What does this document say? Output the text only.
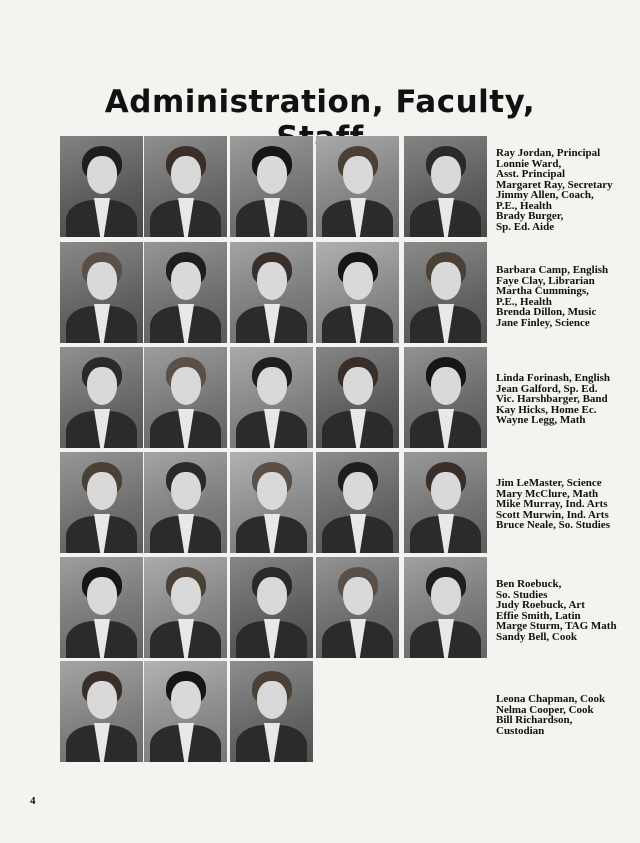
Administration, Faculty,
Ray Jordan, Principal
Lonnie Ward,
Asst. Principal
Margaret Ray, Secretary
Jimmy Allen, Coach,
P.E., Health
Brady Burger,
Sp. Ed. Aide
Barbara Camp, English
Faye Clay, Librarian
Martha Cummings,
P.E., Health
Brenda Dillon, Music
Jane Finley, Science
Linda Forinash, English
Jean Galford, Sp. Ed.
Vic. Harshbarger, Band
Kay Hicks, Home Ec.
Wayne Legg, Math
Jim LeMaster, Science
Mary McClure, Math
Mike Murray, Ind. Arts
Scott Murwin, Ind. Arts
Bruce Neale, So. Studies
Ben Roebuck,
So. Studies
Judy Roebuck, Art
Effie Smith, Latin
Marge Sturm, TAG Math
Sandy Bell, Cook
Leona Chapman, Cook
Nelma Cooper, Cook
Bill Richardson,
Custodian
4
